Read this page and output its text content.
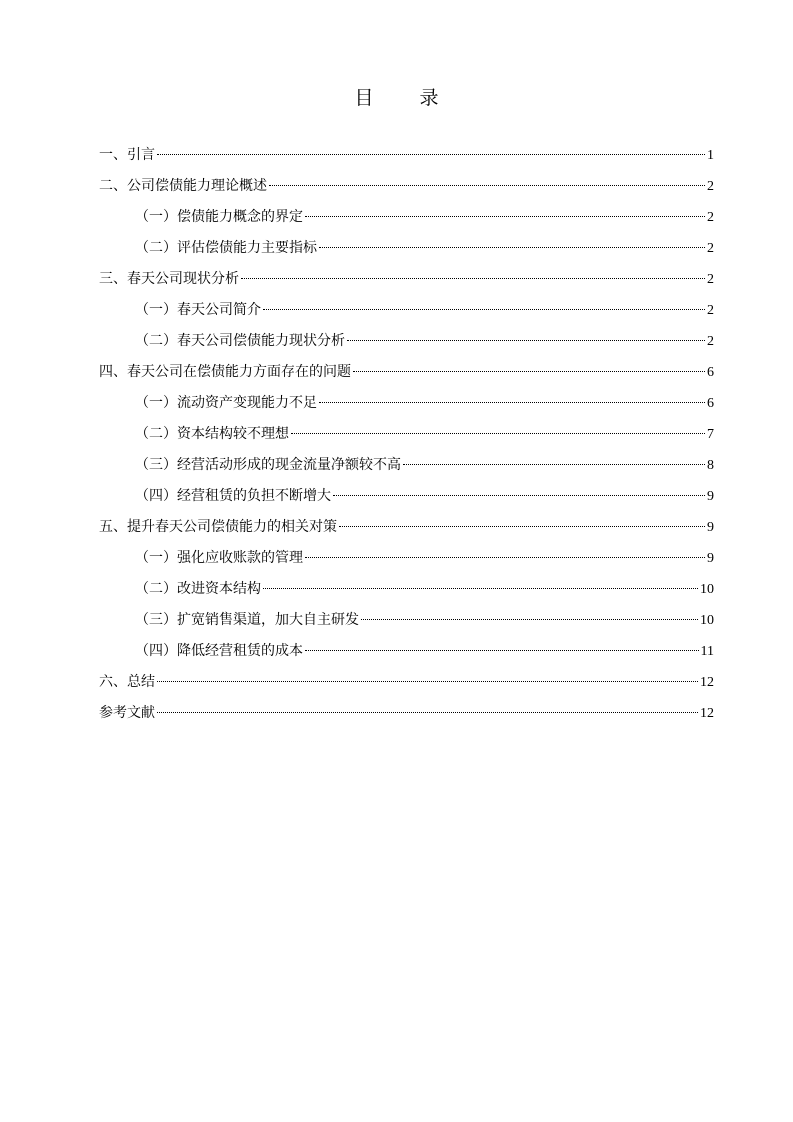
目 录
一、引言	1
二、公司偿债能力理论概述	2
（一）偿债能力概念的界定	2
（二）评估偿债能力主要指标	2
三、春天公司现状分析	2
（一）春天公司简介	2
（二）春天公司偿债能力现状分析	2
四、春天公司在偿债能力方面存在的问题	6
（一）流动资产变现能力不足	6
（二）资本结构较不理想	7
（三）经营活动形成的现金流量净额较不高	8
（四）经营租赁的负担不断增大	9
五、提升春天公司偿债能力的相关对策	9
（一）强化应收账款的管理	9
（二）改进资本结构	10
（三）扩宽销售渠道，加大自主研发	10
（四）降低经营租赁的成本	11
六、总结	12
参考文献	12
